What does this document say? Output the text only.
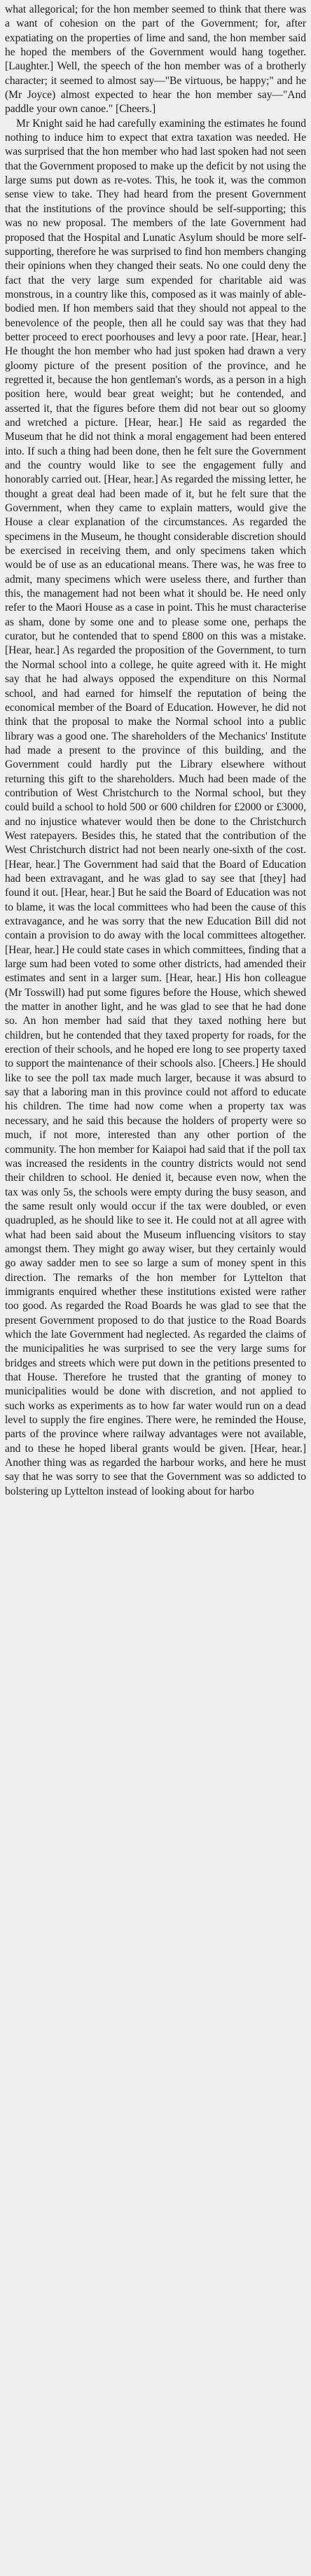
what allegorical; for the hon member seemed to think that there was a want of cohesion on the part of the Government; for, after expatiating on the properties of lime and sand, the hon member said he hoped the members of the Government would hang together. [Laughter.] Well, the speech of the hon member was of a brotherly character; it seemed to almost say—"Be virtuous, be happy;" and he (Mr Joyce) almost expected to hear the hon member say—"And paddle your own canoe." [Cheers.]

Mr Knight said he had carefully examining the estimates he found nothing to induce him to expect that extra taxation was needed. He was surprised that the hon member who had last spoken had not seen that the Government proposed to make up the deficit by not using the large sums put down as re-votes. This, he took it, was the common sense view to take. They had heard from the present Government that the institutions of the province should be self-supporting; this was no new proposal. The members of the late Government had proposed that the Hospital and Lunatic Asylum should be more self-supporting, therefore he was surprised to find hon members changing their opinions when they changed their seats. No one could deny the fact that the very large sum expended for charitable aid was monstrous, in a country like this, composed as it was mainly of able-bodied men. If hon members said that they should not appeal to the benevolence of the people, then all he could say was that they had better proceed to erect poorhouses and levy a poor rate. [Hear, hear.] He thought the hon member who had just spoken had drawn a very gloomy picture of the present position of the province, and he regretted it, because the hon gentleman's words, as a person in a high position here, would bear great weight; but he contended, and asserted it, that the figures before them did not bear out so gloomy and wretched a picture. [Hear, hear.] He said as regarded the Museum that he did not think a moral engagement had been entered into. If such a thing had been done, then he felt sure the Government and the country would like to see the engagement fully and honorably carried out. [Hear, hear.] As regarded the missing letter, he thought a great deal had been made of it, but he felt sure that the Government, when they came to explain matters, would give the House a clear explanation of the circumstances. As regarded the specimens in the Museum, he thought considerable discretion should be exercised in receiving them, and only specimens taken which would be of use as an educational means. There was, he was free to admit, many specimens which were useless there, and further than this, the management had not been what it should be. He need only refer to the Maori House as a case in point. This he must characterise as sham, done by some one and to please some one, perhaps the curator, but he contended that to spend £800 on this was a mistake. [Hear, hear.] As regarded the proposition of the Government, to turn the Normal school into a college, he quite agreed with it. He might say that he had always opposed the expenditure on this Normal school, and had earned for himself the reputation of being the economical member of the Board of Education. However, he did not think that the proposal to make the Normal school into a public library was a good one. The shareholders of the Mechanics' Institute had made a present to the province of this building, and the Government could hardly put the Library elsewhere without returning this gift to the shareholders. Much had been made of the contribution of West Christchurch to the Normal school, but they could build a school to hold 500 or 600 children for £2000 or £3000, and no injustice whatever would then be done to the Christchurch West ratepayers. Besides this, he stated that the contribution of the West Christchurch district had not been nearly one-sixth of the cost. [Hear, hear.] The Government had said that the Board of Education had been extravagant, and he was glad to say see that [they] had found it out. [Hear, hear.] But he said the Board of Education was not to blame, it was the local committees who had been the cause of this extravagance, and he was sorry that the new Education Bill did not contain a provision to do away with the local committees altogether. [Hear, hear.] He could state cases in which committees, finding that a large sum had been voted to some other districts, had amended their estimates and sent in a larger sum. [Hear, hear.] His hon colleague (Mr Tosswill) had put some figures before the House, which shewed the matter in another light, and he was glad to see that he had done so. An hon member had said that they taxed nothing here but children, but he contended that they taxed property for roads, for the erection of their schools, and he hoped ere long to see property taxed to support the maintenance of their schools also. [Cheers.] He should like to see the poll tax made much larger, because it was absurd to say that a laboring man in this province could not afford to educate his children. The time had now come when a property tax was necessary, and he said this because the holders of property were so much, if not more, interested than any other portion of the community. The hon member for Kaiapoi had said that if the poll tax was increased the residents in the country districts would not send their children to school. He denied it, because even now, when the tax was only 5s, the schools were empty during the busy season, and the same result only would occur if the tax were doubled, or even quadrupled, as he should like to see it. He could not at all agree with what had been said about the Museum influencing visitors to stay amongst them. They might go away wiser, but they certainly would go away sadder men to see so large a sum of money spent in this direction. The remarks of the hon member for Lyttelton that immigrants enquired whether these institutions existed were rather too good. As regarded the Road Boards he was glad to see that the present Government proposed to do that justice to the Road Boards which the late Government had neglected. As regarded the claims of the municipalities he was surprised to see the very large sums for bridges and streets which were put down in the petitions presented to that House. Therefore he trusted that the granting of money to municipalities would be done with discretion, and not applied to such works as experiments as to how far water would run on a dead level to supply the fire engines. There were, he reminded the House, parts of the province where railway advantages were not available, and to these he hoped liberal grants would be given. [Hear, hear.] Another thing was as regarded the harbour works, and here he must say that he was sorry to see that the Government was so addicted to bolstering up Lyttelton instead of looking about for harbo
